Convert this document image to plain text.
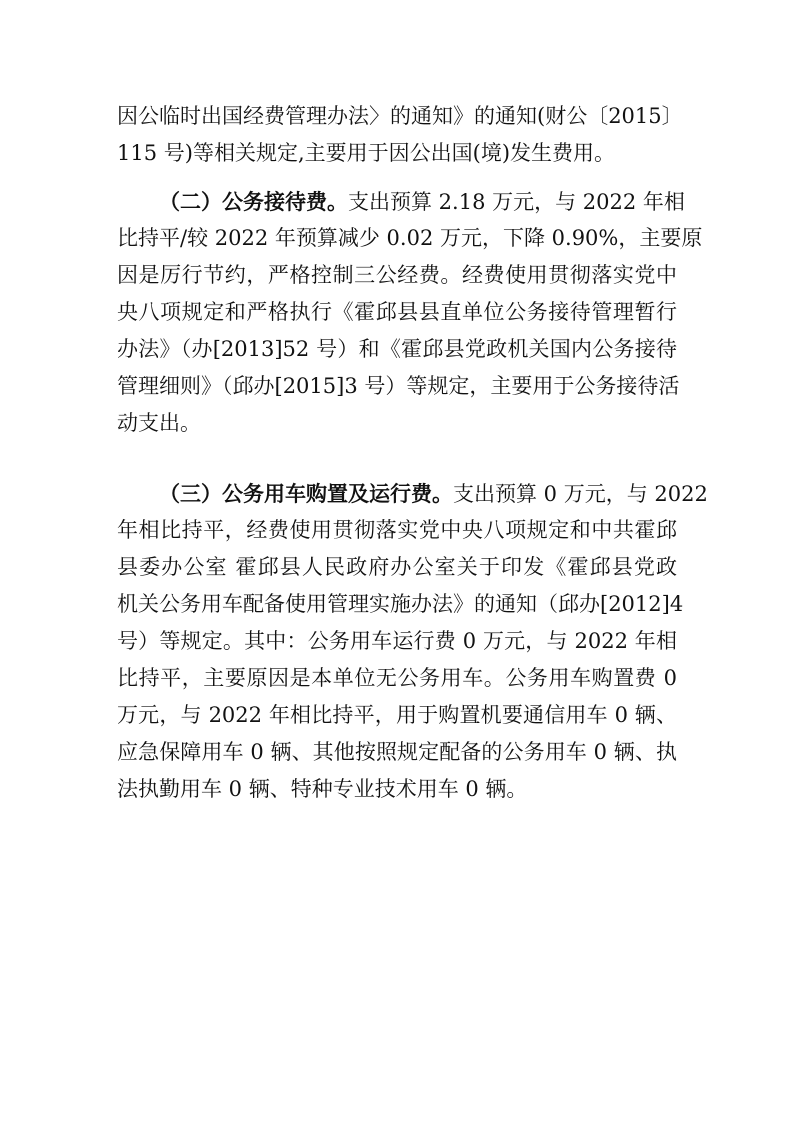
因公临时出国经费管理办法〉的通知》的通知(财公〔2015〕
115 号)等相关规定,主要用于因公出国(境)发生费用。
（二）公务接待费。支出预算 2.18 万元，与 2022 年相
比持平/较 2022 年预算减少 0.02 万元，下降 0.90%，主要原
因是厉行节约，严格控制三公经费。经费使用贯彻落实党中
央八项规定和严格执行《霍邱县县直单位公务接待管理暂行
办法》（办[2013]52 号）和《霍邱县党政机关国内公务接待
管理细则》（邱办[2015]3 号）等规定，主要用于公务接待活
动支出。
（三）公务用车购置及运行费。支出预算 0 万元，与 2022
年相比持平，经费使用贯彻落实党中央八项规定和中共霍邱
县委办公室 霍邱县人民政府办公室关于印发《霍邱县党政
机关公务用车配备使用管理实施办法》的通知（邱办[2012]4
号）等规定。其中：公务用车运行费 0 万元，与 2022 年相
比持平，主要原因是本单位无公务用车。公务用车购置费 0
万元，与 2022 年相比持平，用于购置机要通信用车 0 辆、
应急保障用车 0 辆、其他按照规定配备的公务用车 0 辆、执
法执勤用车 0 辆、特种专业技术用车 0 辆。
